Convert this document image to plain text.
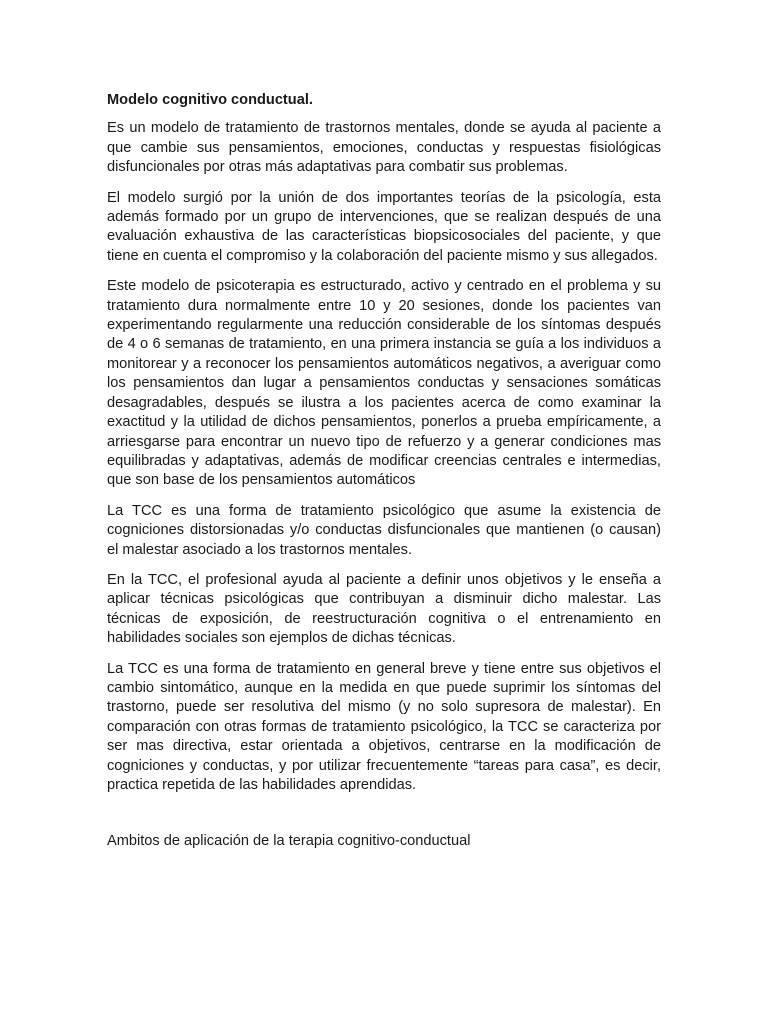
Modelo cognitivo conductual.

Es un modelo de tratamiento de trastornos mentales, donde se ayuda al paciente a que cambie sus pensamientos, emociones, conductas y respuestas fisiológicas disfuncionales por otras más adaptativas para combatir sus problemas.

El modelo surgió por la unión de dos importantes teorías de la psicología, esta además formado por un grupo de intervenciones, que se realizan después de una evaluación exhaustiva de las características biopsicosociales del paciente, y que tiene en cuenta el compromiso y la colaboración del paciente mismo y sus allegados.

Este modelo de psicoterapia es estructurado, activo y centrado en el problema y su tratamiento dura normalmente entre 10 y 20 sesiones, donde los pacientes van experimentando regularmente una reducción considerable de los síntomas después de 4 o 6 semanas de tratamiento, en una primera instancia se guía a los individuos a monitorear y a reconocer los pensamientos automáticos negativos, a averiguar como los pensamientos dan lugar a pensamientos conductas y sensaciones somáticas desagradables, después se ilustra a los pacientes acerca de como examinar la exactitud y la utilidad de dichos pensamientos, ponerlos a prueba empíricamente, a arriesgarse para encontrar un nuevo tipo de refuerzo y a generar condiciones mas equilibradas y adaptativas, además de modificar creencias centrales e intermedias, que son base de los pensamientos automáticos

La TCC es una forma de tratamiento psicológico que asume la existencia de cogniciones distorsionadas y/o conductas disfuncionales que mantienen (o causan) el malestar asociado a los trastornos mentales.

En la TCC, el profesional ayuda al paciente a definir unos objetivos y le enseña a aplicar técnicas psicológicas que contribuyan a disminuir dicho malestar. Las técnicas de exposición, de reestructuración cognitiva o el entrenamiento en habilidades sociales son ejemplos de dichas técnicas.

La TCC es una forma de tratamiento en general breve y tiene entre sus objetivos el cambio sintomático, aunque en la medida en que puede suprimir los síntomas del trastorno, puede ser resolutiva del mismo (y no solo supresora de malestar). En comparación con otras formas de tratamiento psicológico, la TCC se caracteriza por ser mas directiva, estar orientada a objetivos, centrarse en la modificación de cogniciones y conductas, y por utilizar frecuentemente “tareas para casa”, es decir, practica repetida de las habilidades aprendidas.

Ambitos de aplicación de la terapia cognitivo-conductual
